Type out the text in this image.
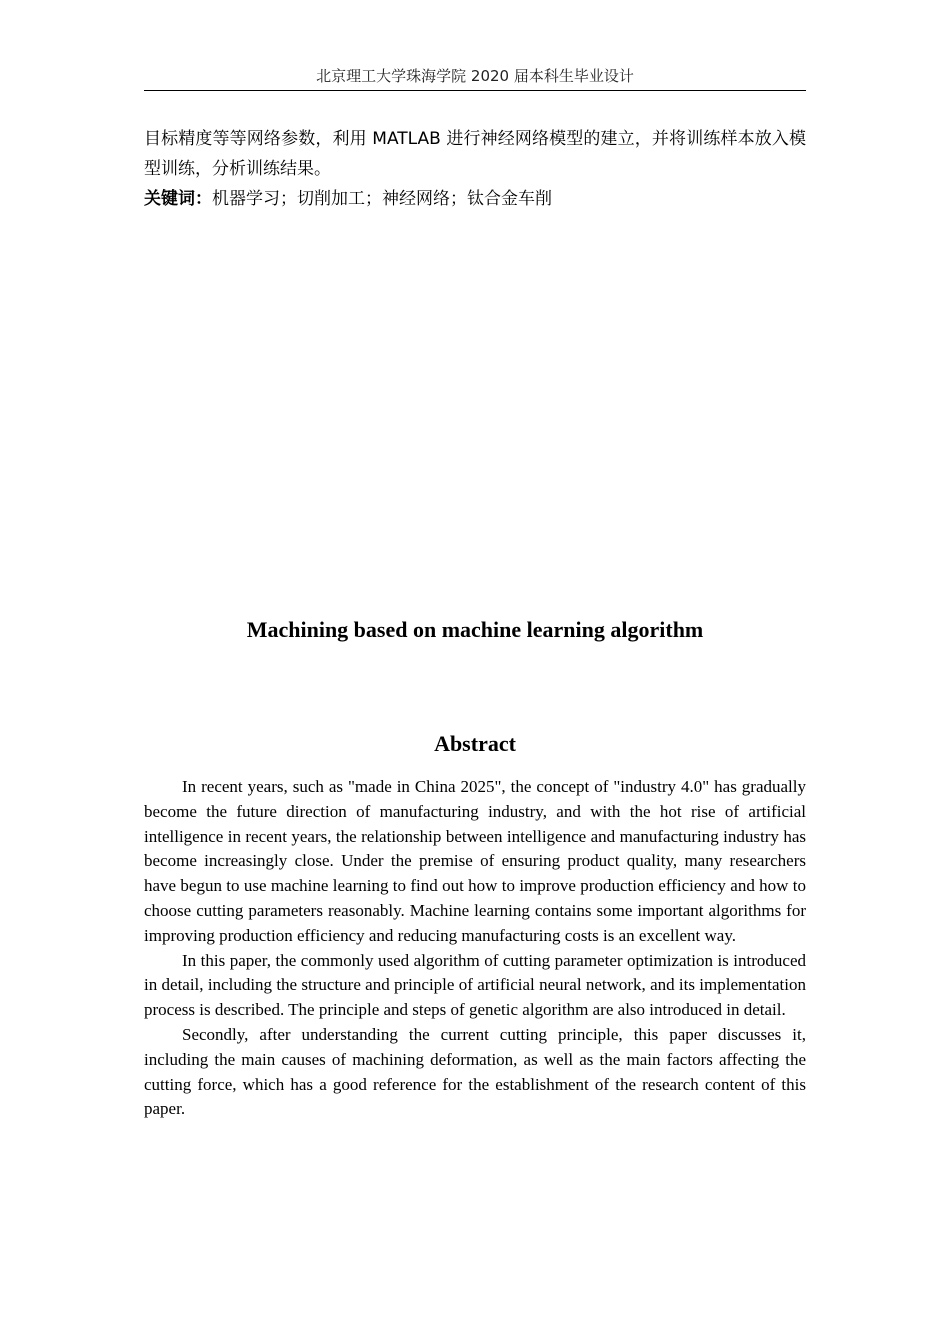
北京理工大学珠海学院 2020 届本科生毕业设计

目标精度等等网络参数，利用 MATLAB 进行神经网络模型的建立，并将训练样本放入模型训练，分析训练结果。

关键词：机器学习；切削加工；神经网络；钛合金车削

Machining based on machine learning algorithm
Abstract

In recent years, such as "made in China 2025", the concept of "industry 4.0" has gradually become the future direction of manufacturing industry, and with the hot rise of artificial intelligence in recent years, the relationship between intelligence and manufacturing industry has become increasingly close. Under the premise of ensuring product quality, many researchers have begun to use machine learning to find out how to improve production efficiency and how to choose cutting parameters reasonably. Machine learning contains some important algorithms for improving production efficiency and reducing manufacturing costs is an excellent way.

In this paper, the commonly used algorithm of cutting parameter optimization is introduced in detail, including the structure and principle of artificial neural network, and its implementation process is described. The principle and steps of genetic algorithm are also introduced in detail.

Secondly, after understanding the current cutting principle, this paper discusses it, including the main causes of machining deformation, as well as the main factors affecting the cutting force, which has a good reference for the establishment of the research content of this paper.
